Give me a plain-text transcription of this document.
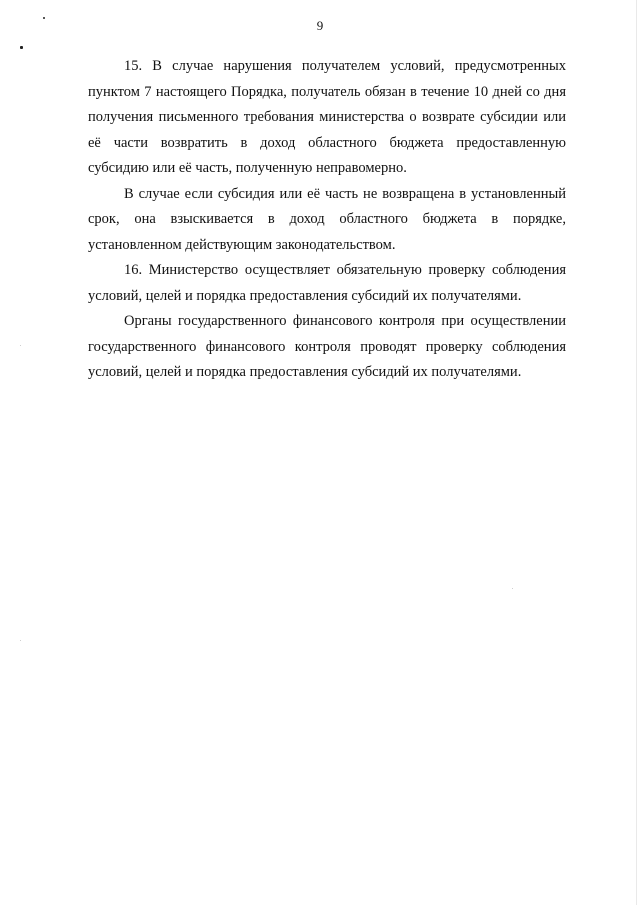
9

15. В случае нарушения получателем условий, предусмотренных пунктом 7 настоящего Порядка, получатель обязан в течение 10 дней со дня получения письменного требования министерства о возврате субсидии или её части возвратить в доход областного бюджета предоставленную субсидию или её часть, полученную неправомерно.

В случае если субсидия или её часть не возвращена в установленный срок, она взыскивается в доход областного бюджета в порядке, установленном действующим законодательством.

16. Министерство осуществляет обязательную проверку соблюдения условий, целей и порядка предоставления субсидий их получателями.

Органы государственного финансового контроля при осуществлении государственного финансового контроля проводят проверку соблюдения условий, целей и порядка предоставления субсидий их получателями.
